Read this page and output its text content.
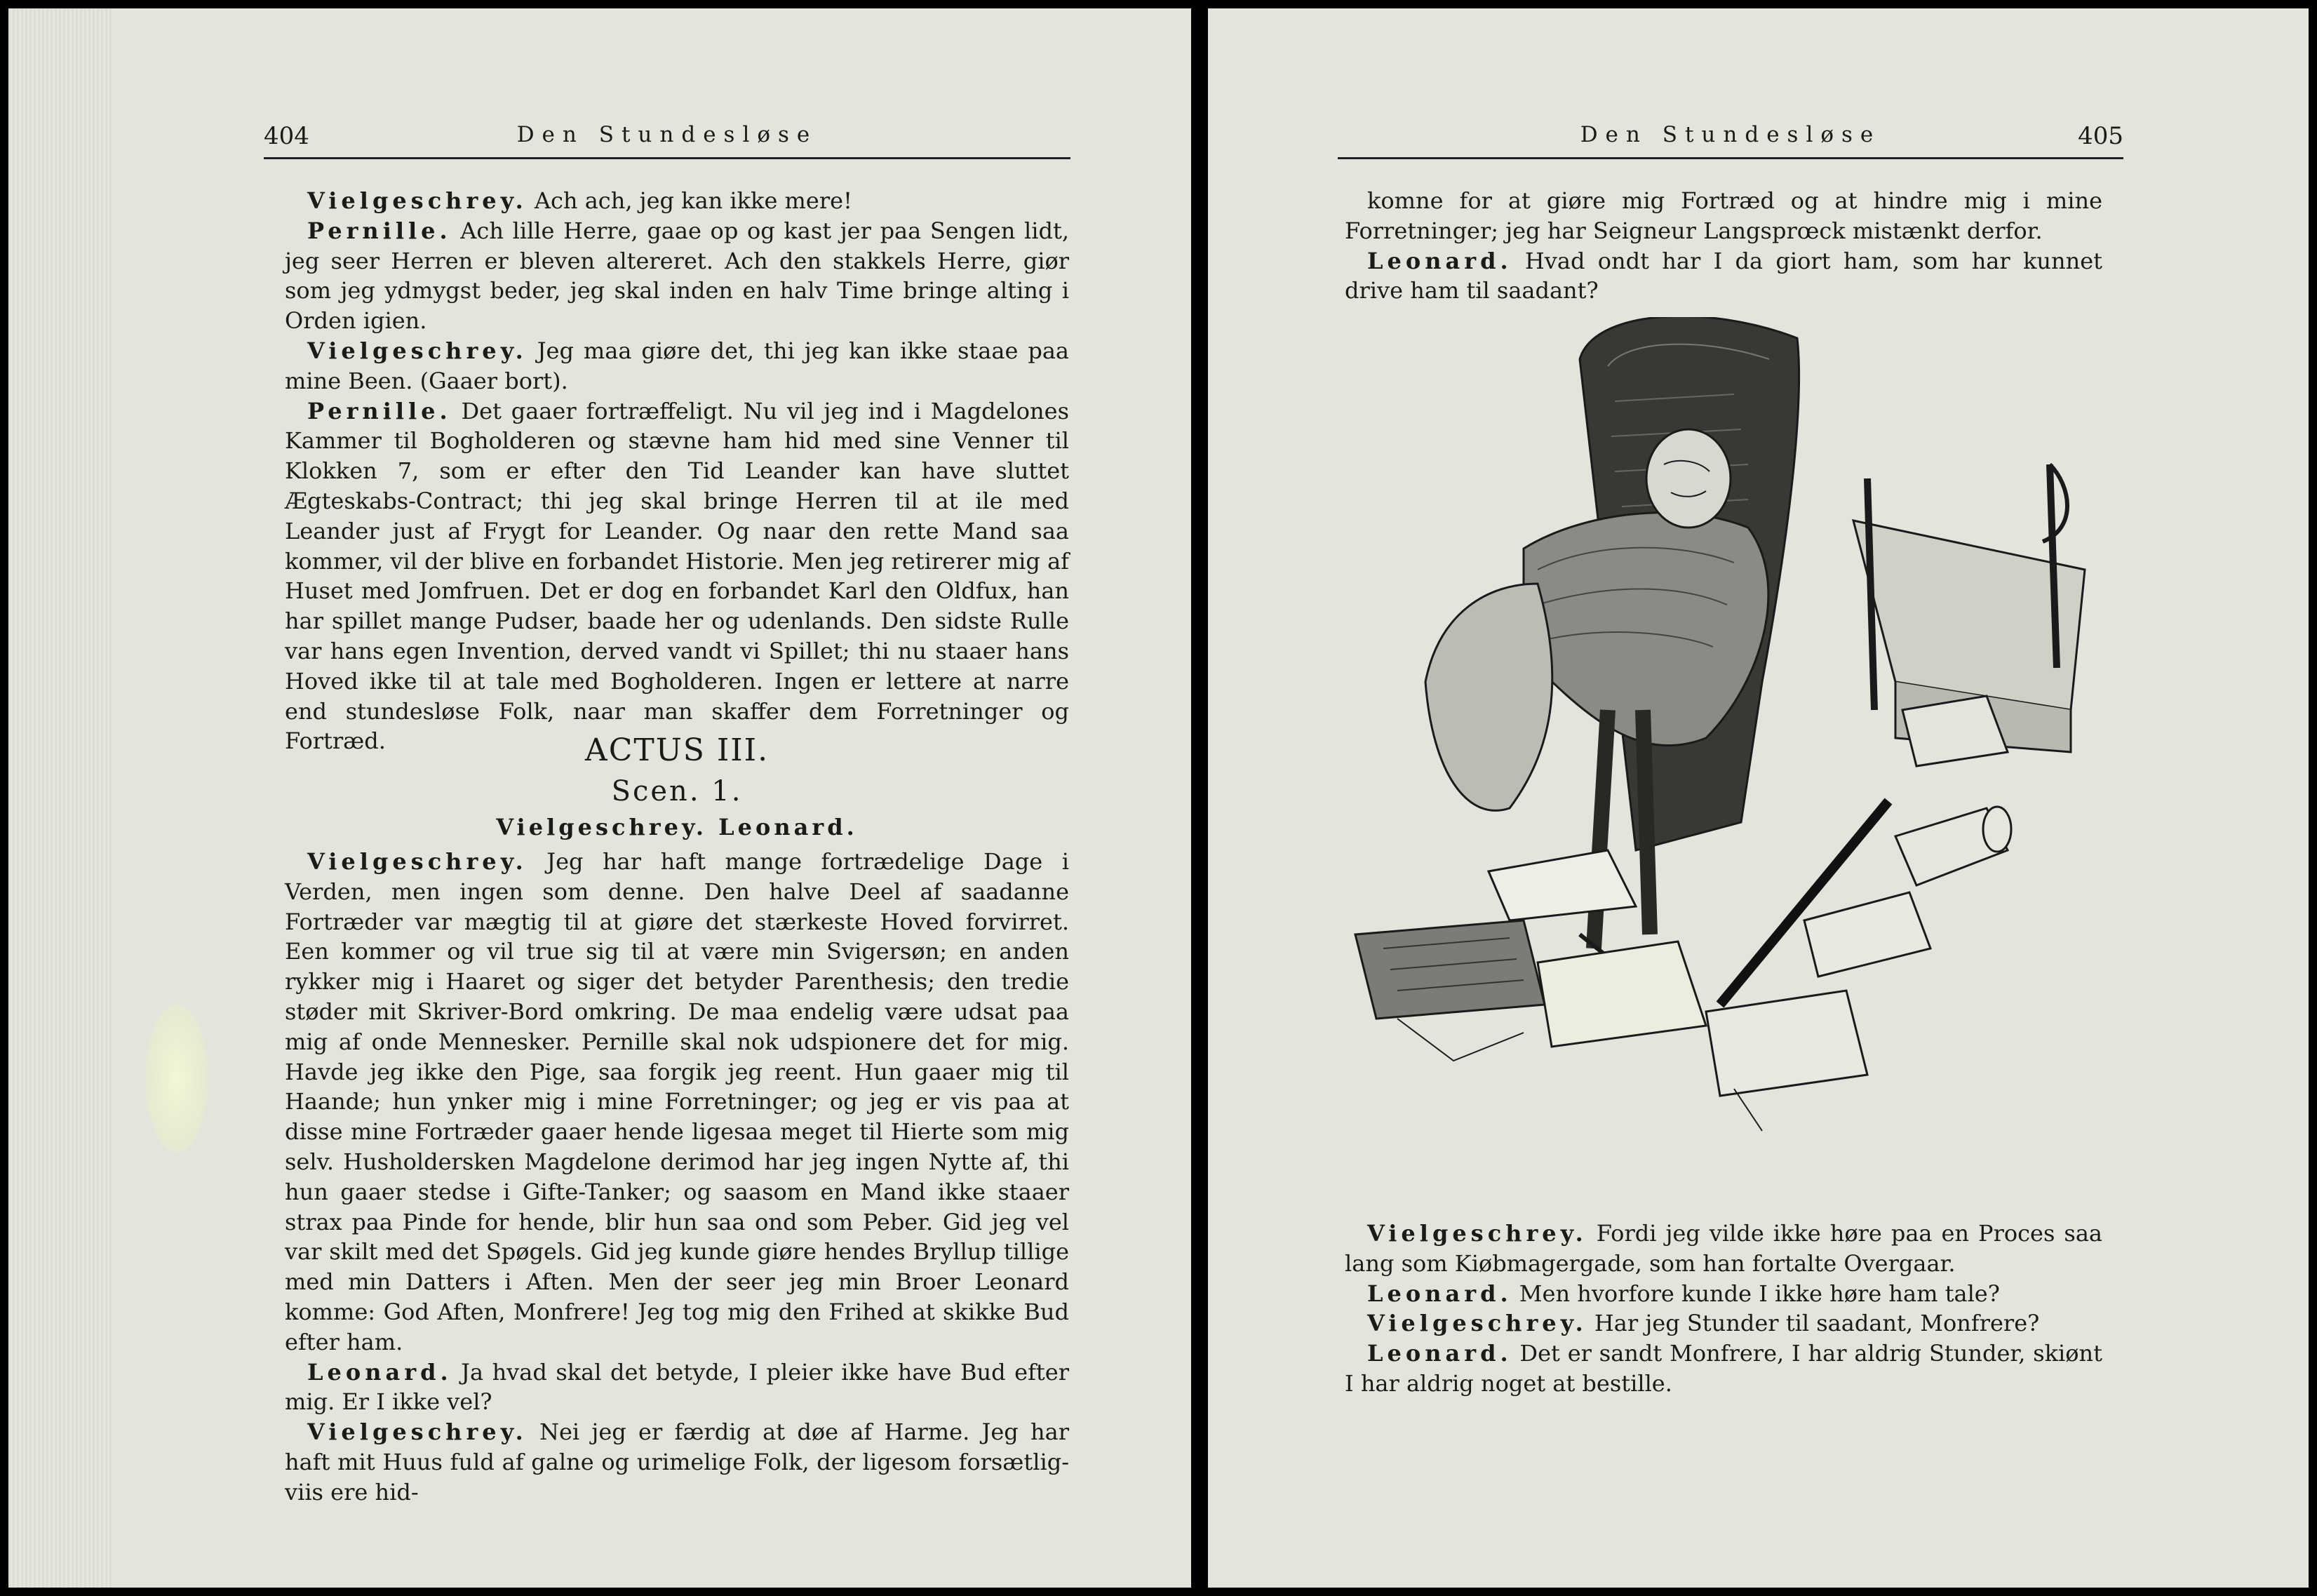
404	Den Stundesløse

Vielgeschrey. Ach ach, jeg kan ikke mere!

Pernille. Ach lille Herre, gaae op og kast jer paa Sengen lidt, jeg seer Herren er bleven altereret. Ach den stakkels Herre, giør som jeg ydmygst beder, jeg skal inden en halv Time bringe alting i Orden igien.

Vielgeschrey. Jeg maa giøre det, thi jeg kan ikke staae paa mine Been. (Gaaer bort).

Pernille. Det gaaer fortræffeligt. Nu vil jeg ind i Magdelones Kammer til Bogholderen og stævne ham hid med sine Venner til Klokken 7, som er efter den Tid Leander kan have sluttet Ægteskabs-Contract; thi jeg skal bringe Herren til at ile med Leander just af Frygt for Leander. Og naar den rette Mand saa kommer, vil der blive en forbandet Historie. Men jeg retirerer mig af Huset med Jomfruen. Det er dog en forbandet Karl den Oldfux, han har spillet mange Pudser, baade her og udenlands. Den sidste Rulle var hans egen Invention, derved vandt vi Spillet; thi nu staaer hans Hoved ikke til at tale med Bogholderen. Ingen er lettere at narre end stundesløse Folk, naar man skaffer dem Forretninger og Fortræd.	ACTUS III.
Scen. 1.
Vielgeschrey. Leonard.

Vielgeschrey. Jeg har haft mange fortrædelige Dage i Verden, men ingen som denne. Den halve Deel af saadanne Fortræder var mægtig til at giøre det stærkeste Hoved forvirret. Een kommer og vil true sig til at være min Svigersøn; en anden rykker mig i Haaret og siger det betyder Parenthesis; den tredie støder mit Skriver-Bord omkring. De maa endelig være udsat paa mig af onde Mennesker. Pernille skal nok udspionere det for mig. Havde jeg ikke den Pige, saa forgik jeg reent. Hun gaaer mig til Haande; hun ynker mig i mine Forretninger; og jeg er vis paa at disse mine Fortræder gaaer hende ligesaa meget til Hierte som mig selv. Husholdersken Magdelone derimod har jeg ingen Nytte af, thi hun gaaer stedse i Gifte-Tanker; og saasom en Mand ikke staaer strax paa Pinde for hende, blir hun saa ond som Peber. Gid jeg vel var skilt med det Spøgels. Gid jeg kunde giøre hendes Bryllup tillige med min Datters i Aften. Men der seer jeg min Broer Leonard komme: God Aften, Monfrere! Jeg tog mig den Frihed at skikke Bud efter ham.

Leonard. Ja hvad skal det betyde, I pleier ikke have Bud efter mig. Er I ikke vel?

Vielgeschrey. Nei jeg er færdig at døe af Harme. Jeg har haft mit Huus fuld af galne og urimelige Folk, der ligesom forsætlig-viis ere hid-

Den Stundesløse	405

komne for at giøre mig Fortræd og at hindre mig i mine Forretninger; jeg har Seigneur Langsprœck mistænkt derfor.

Leonard. Hvad ondt har I da giort ham, som har kunnet drive ham til saadant?

Vielgeschrey. Fordi jeg vilde ikke høre paa en Proces saa lang som Kiøbmagergade, som han fortalte Overgaar.

Leonard. Men hvorfore kunde I ikke høre ham tale?

Vielgeschrey. Har jeg Stunder til saadant, Monfrere?

Leonard. Det er sandt Monfrere, I har aldrig Stunder, skiønt I har aldrig noget at bestille.
